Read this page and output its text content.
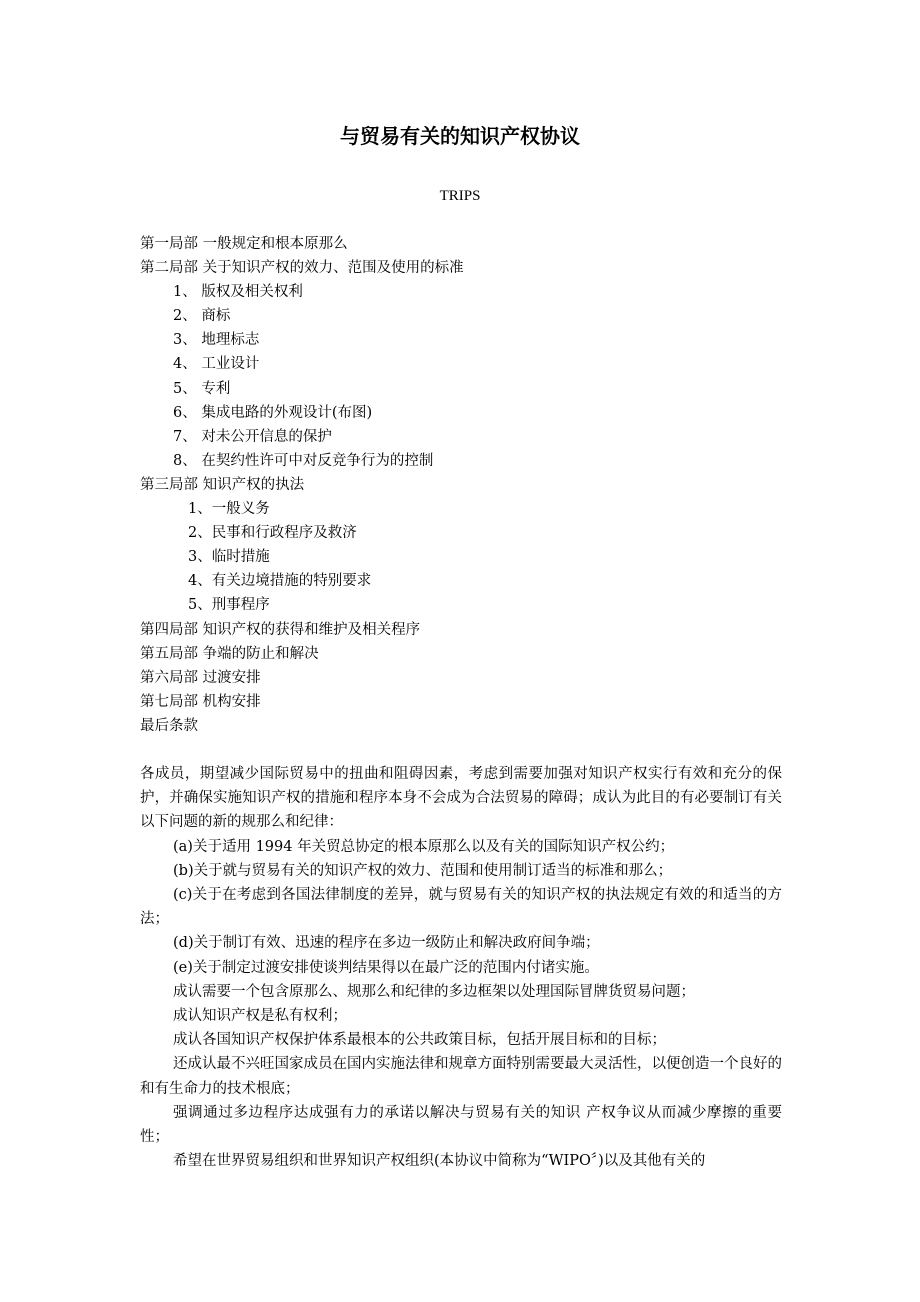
与贸易有关的知识产权协议
TRIPS
第一局部 一般规定和根本原那么
第二局部 关于知识产权的效力、范围及使用的标准
1、 版权及相关权利
2、 商标
3、 地理标志
4、 工业设计
5、 专利
6、 集成电路的外观设计(布图)
7、 对未公开信息的保护
8、 在契约性许可中对反竞争行为的控制
第三局部 知识产权的执法
1、一般义务
2、民事和行政程序及救济
3、临时措施
4、有关边境措施的特别要求
5、刑事程序
第四局部 知识产权的获得和维护及相关程序
第五局部 争端的防止和解决
第六局部 过渡安排
第七局部 机构安排
最后条款

各成员，期望减少国际贸易中的扭曲和阻碍因素，考虑到需要加强对知识产权实行有效和充分的保护，并确保实施知识产权的措施和程序本身不会成为合法贸易的障碍；成认为此目的有必要制订有关以下问题的新的规那么和纪律：

(a)关于适用 1994 年关贸总协定的根本原那么以及有关的国际知识产权公约；

(b)关于就与贸易有关的知识产权的效力、范围和使用制订适当的标准和那么；

(c)关于在考虑到各国法律制度的差异，就与贸易有关的知识产权的执法规定有效的和适当的方法；

(d)关于制订有效、迅速的程序在多边一级防止和解决政府间争端；

(e)关于制定过渡安排使谈判结果得以在最广泛的范围内付诸实施。

成认需要一个包含原那么、规那么和纪律的多边框架以处理国际冒牌货贸易问题；

成认知识产权是私有权利；

成认各国知识产权保护体系最根本的公共政策目标，包括开展目标和的目标；

还成认最不兴旺国家成员在国内实施法律和规章方面特别需要最大灵活性，以便创造一个良好的和有生命力的技术根底；

强调通过多边程序达成强有力的承诺以解决与贸易有关的知识 产权争议从而减少摩擦的重要性；

希望在世界贸易组织和世界知识产权组织(本协议中简称为“WIPO〞)以及其他有关的
